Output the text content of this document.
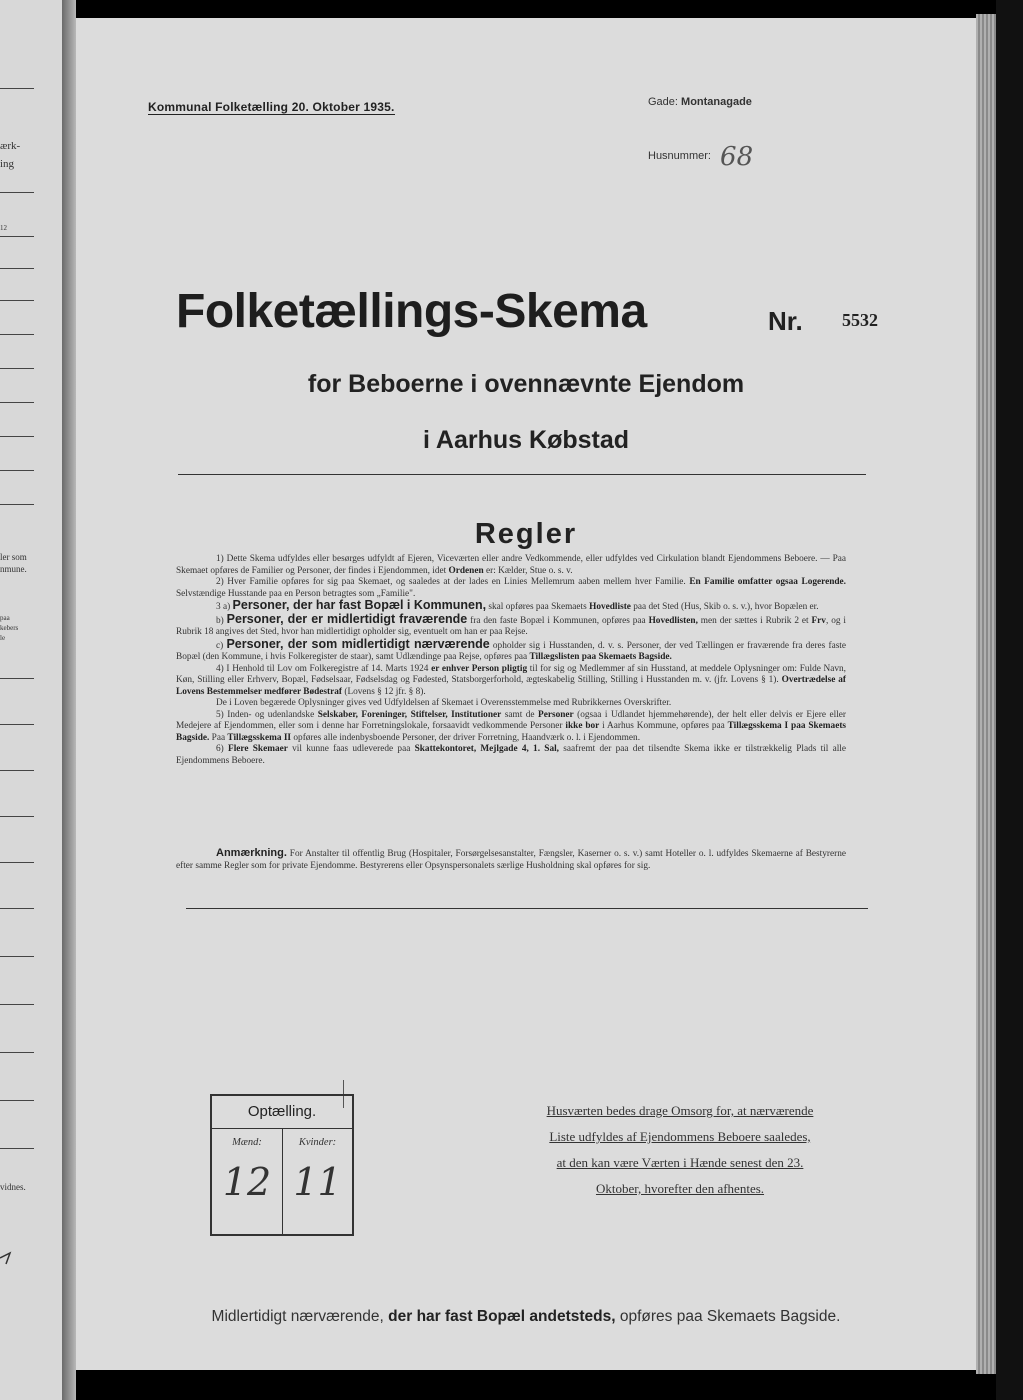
ærk-
ing
12
ler som
nmune.
paa
kebers
le
vidnes.
Kommunal Folketælling 20. Oktober 1935.	Gade: Montanagade
Husnummer: 68
Folketællings-Skema	Nr. 5532
for Beboerne i ovennævnte Ejendom
i Aarhus Købstad
Regler

1) Dette Skema udfyldes eller besørges udfyldt af Ejeren, Viceværten eller andre Vedkommende, eller udfyldes ved Cirkulation blandt Ejendommens Beboere. — Paa Skemaet opføres de Familier og Personer, der findes i Ejendommen, idet Ordenen er: Kælder, Stue o. s. v.

2) Hver Familie opføres for sig paa Skemaet, og saaledes at der lades en Linies Mellemrum aaben mellem hver Familie. En Familie omfatter ogsaa Logerende. Selvstændige Husstande paa en Person betragtes som „Familie".

3 a) Personer, der har fast Bopæl i Kommunen, skal opføres paa Skemaets Hovedliste paa det Sted (Hus, Skib o. s. v.), hvor Bopælen er.

b) Personer, der er midlertidigt fraværende fra den faste Bopæl i Kommunen, opføres paa Hovedlisten, men der sættes i Rubrik 2 et Frv, og i Rubrik 18 angives det Sted, hvor han midlertidigt opholder sig, eventuelt om han er paa Rejse.

c) Personer, der som midlertidigt nærværende opholder sig i Husstanden, d. v. s. Personer, der ved Tællingen er fraværende fra deres faste Bopæl (den Kommune, i hvis Folkeregister de staar), samt Udlændinge paa Rejse, opføres paa Tillægslisten paa Skemaets Bagside.

4) I Henhold til Lov om Folkeregistre af 14. Marts 1924 er enhver Person pligtig til for sig og Medlemmer af sin Husstand, at meddele Oplysninger om: Fulde Navn, Køn, Stilling eller Erhverv, Bopæl, Fødselsaar, Fødselsdag og Fødested, Statsborgerforhold, ægteskabelig Stilling, Stilling i Husstanden m. v. (jfr. Lovens § 1). Overtrædelse af Lovens Bestemmelser medfører Bødestraf (Lovens § 12 jfr. § 8).

De i Loven begærede Oplysninger gives ved Udfyldelsen af Skemaet i Overensstemmelse med Rubrikkernes Overskrifter.

5) Inden- og udenlandske Selskaber, Foreninger, Stiftelser, Institutioner samt de Personer (ogsaa i Udlandet hjemmehørende), der helt eller delvis er Ejere eller Medejere af Ejendommen, eller som i denne har Forretningslokale, forsaavidt vedkommende Personer ikke bor i Aarhus Kommune, opføres paa Tillægsskema I paa Skemaets Bagside. Paa Tillægsskema II opføres alle indenbysboende Personer, der driver Forretning, Haandværk o. l. i Ejendommen.

6) Flere Skemaer vil kunne faas udleverede paa Skattekontoret, Mejlgade 4, 1. Sal, saafremt der paa det tilsendte Skema ikke er tilstrækkelig Plads til alle Ejendommens Beboere.

Anmærkning. For Anstalter til offentlig Brug (Hospitaler, Forsørgelsesanstalter, Fængsler, Kaserner o. s. v.) samt Hoteller o. l. udfyldes Skemaerne af Bestyrerne efter samme Regler som for private Ejendomme. Bestyrerens eller Opsynspersonalets særlige Husholdning skal opføres for sig.
Optælling.
Mænd:
12
Kvinder:
11
Husværten bedes drage Omsorg for, at nærværende
Liste udfyldes af Ejendommens Beboere saaledes,
at den kan være Værten i Hænde senest den 23.
Oktober, hvorefter den afhentes.
Midlertidigt nærværende, der har fast Bopæl andetsteds, opføres paa Skemaets Bagside.
